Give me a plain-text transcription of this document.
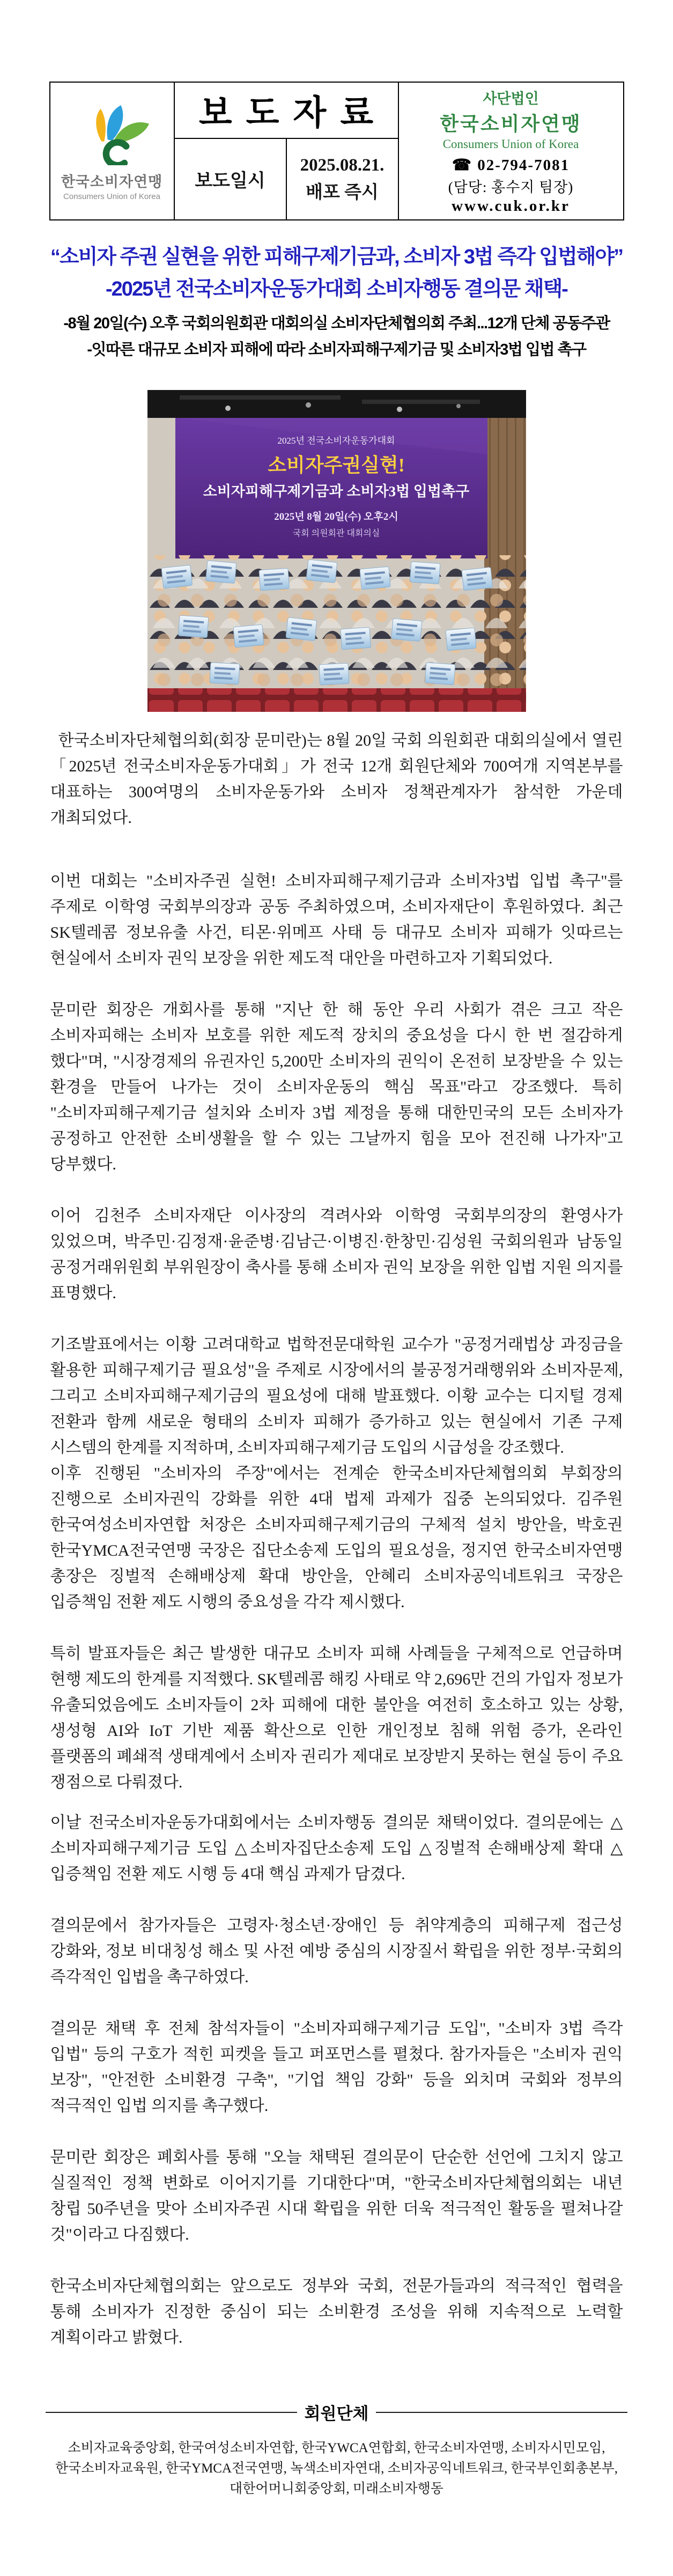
한국소비자연맹
Consumers Union of Korea

보도자료	사단법인
한국소비자연맹
Consumers Union of Korea
☎ 02-794-7081
(담당: 홍수지 팀장)
www.cuk.or.kr

	보도일시	2025.08.21.
배포 즉시	
“소비자 주권 실현을 위한 피해구제기금과, 소비자 3법 즉각 입법해야”
-2025년 전국소비자운동가대회 소비자행동 결의문 채택-
-8월 20일(수) 오후 국회의원회관 대회의실 소비자단체협의회 주최...12개 단체 공동주관
-잇따른 대규모 소비자 피해에 따라 소비자피해구제기금 및 소비자3법 입법 촉구
2025년 전국소비자운동가대회
소비자주권실현!
소비자피해구제기금과 소비자3법 입법촉구
2025년 8월 20일(수) 오후2시
국회 의원회관 대회의실

한국소비자단체협의회(회장 문미란)는 8월 20일 국회 의원회관 대회의실에서 열린 「2025년 전국소비자운동가대회」가 전국 12개 회원단체와 700여개 지역본부를 대표하는 300여명의 소비자운동가와 소비자 정책관계자가 참석한 가운데 개최되었다.

이번 대회는 "소비자주권 실현! 소비자피해구제기금과 소비자3법 입법 촉구"를 주제로 이학영 국회부의장과 공동 주최하였으며, 소비자재단이 후원하였다. 최근 SK텔레콤 정보유출 사건, 티몬·위메프 사태 등 대규모 소비자 피해가 잇따르는 현실에서 소비자 권익 보장을 위한 제도적 대안을 마련하고자 기획되었다.

문미란 회장은 개회사를 통해 "지난 한 해 동안 우리 사회가 겪은 크고 작은 소비자피해는 소비자 보호를 위한 제도적 장치의 중요성을 다시 한 번 절감하게 했다"며, "시장경제의 유권자인 5,200만 소비자의 권익이 온전히 보장받을 수 있는 환경을 만들어 나가는 것이 소비자운동의 핵심 목표"라고 강조했다. 특히 "소비자피해구제기금 설치와 소비자 3법 제정을 통해 대한민국의 모든 소비자가 공정하고 안전한 소비생활을 할 수 있는 그날까지 힘을 모아 전진해 나가자"고 당부했다.

이어 김천주 소비자재단 이사장의 격려사와 이학영 국회부의장의 환영사가 있었으며, 박주민·김정재·윤준병·김남근·이병진·한창민·김성원 국회의원과 남동일 공정거래위원회 부위원장이 축사를 통해 소비자 권익 보장을 위한 입법 지원 의지를 표명했다.

기조발표에서는 이황 고려대학교 법학전문대학원 교수가 "공정거래법상 과징금을 활용한 피해구제기금 필요성"을 주제로 시장에서의 불공정거래행위와 소비자문제, 그리고 소비자피해구제기금의 필요성에 대해 발표했다. 이황 교수는 디지털 경제 전환과 함께 새로운 형태의 소비자 피해가 증가하고 있는 현실에서 기존 구제 시스템의 한계를 지적하며, 소비자피해구제기금 도입의 시급성을 강조했다.

이후 진행된 "소비자의 주장"에서는 전계순 한국소비자단체협의회 부회장의 진행으로 소비자권익 강화를 위한 4대 법제 과제가 집중 논의되었다. 김주원 한국여성소비자연합 처장은 소비자피해구제기금의 구체적 설치 방안을, 박호권 한국YMCA전국연맹 국장은 집단소송제 도입의 필요성을, 정지연 한국소비자연맹 총장은 징벌적 손해배상제 확대 방안을, 안혜리 소비자공익네트워크 국장은 입증책임 전환 제도 시행의 중요성을 각각 제시했다.

특히 발표자들은 최근 발생한 대규모 소비자 피해 사례들을 구체적으로 언급하며 현행 제도의 한계를 지적했다. SK텔레콤 해킹 사태로 약 2,696만 건의 가입자 정보가 유출되었음에도 소비자들이 2차 피해에 대한 불안을 여전히 호소하고 있는 상황, 생성형 AI와 IoT 기반 제품 확산으로 인한 개인정보 침해 위험 증가, 온라인 플랫폼의 폐쇄적 생태계에서 소비자 권리가 제대로 보장받지 못하는 현실 등이 주요 쟁점으로 다뤄졌다.

이날 전국소비자운동가대회에서는 소비자행동 결의문 채택이었다. 결의문에는 △소비자피해구제기금 도입 △소비자집단소송제 도입 △징벌적 손해배상제 확대 △입증책임 전환 제도 시행 등 4대 핵심 과제가 담겼다.

결의문에서 참가자들은 고령자·청소년·장애인 등 취약계층의 피해구제 접근성 강화와, 정보 비대칭성 해소 및 사전 예방 중심의 시장질서 확립을 위한 정부·국회의 즉각적인 입법을 촉구하였다.

결의문 채택 후 전체 참석자들이 "소비자피해구제기금 도입", "소비자 3법 즉각 입법" 등의 구호가 적힌 피켓을 들고 퍼포먼스를 펼쳤다. 참가자들은 "소비자 권익 보장", "안전한 소비환경 구축", "기업 책임 강화" 등을 외치며 국회와 정부의 적극적인 입법 의지를 촉구했다.

문미란 회장은 폐회사를 통해 "오늘 채택된 결의문이 단순한 선언에 그치지 않고 실질적인 정책 변화로 이어지기를 기대한다"며, "한국소비자단체협의회는 내년 창립 50주년을 맞아 소비자주권 시대 확립을 위한 더욱 적극적인 활동을 펼쳐나갈 것"이라고 다짐했다.

한국소비자단체협의회는 앞으로도 정부와 국회, 전문가들과의 적극적인 협력을 통해 소비자가 진정한 중심이 되는 소비환경 조성을 위해 지속적으로 노력할 계획이라고 밝혔다.

회원단체
소비자교육중앙회, 한국여성소비자연합, 한국YWCA연합회, 한국소비자연맹, 소비자시민모임,
한국소비자교육원, 한국YMCA전국연맹, 녹색소비자연대, 소비자공익네트워크, 한국부인회총본부,
대한어머니회중앙회, 미래소비자행동
